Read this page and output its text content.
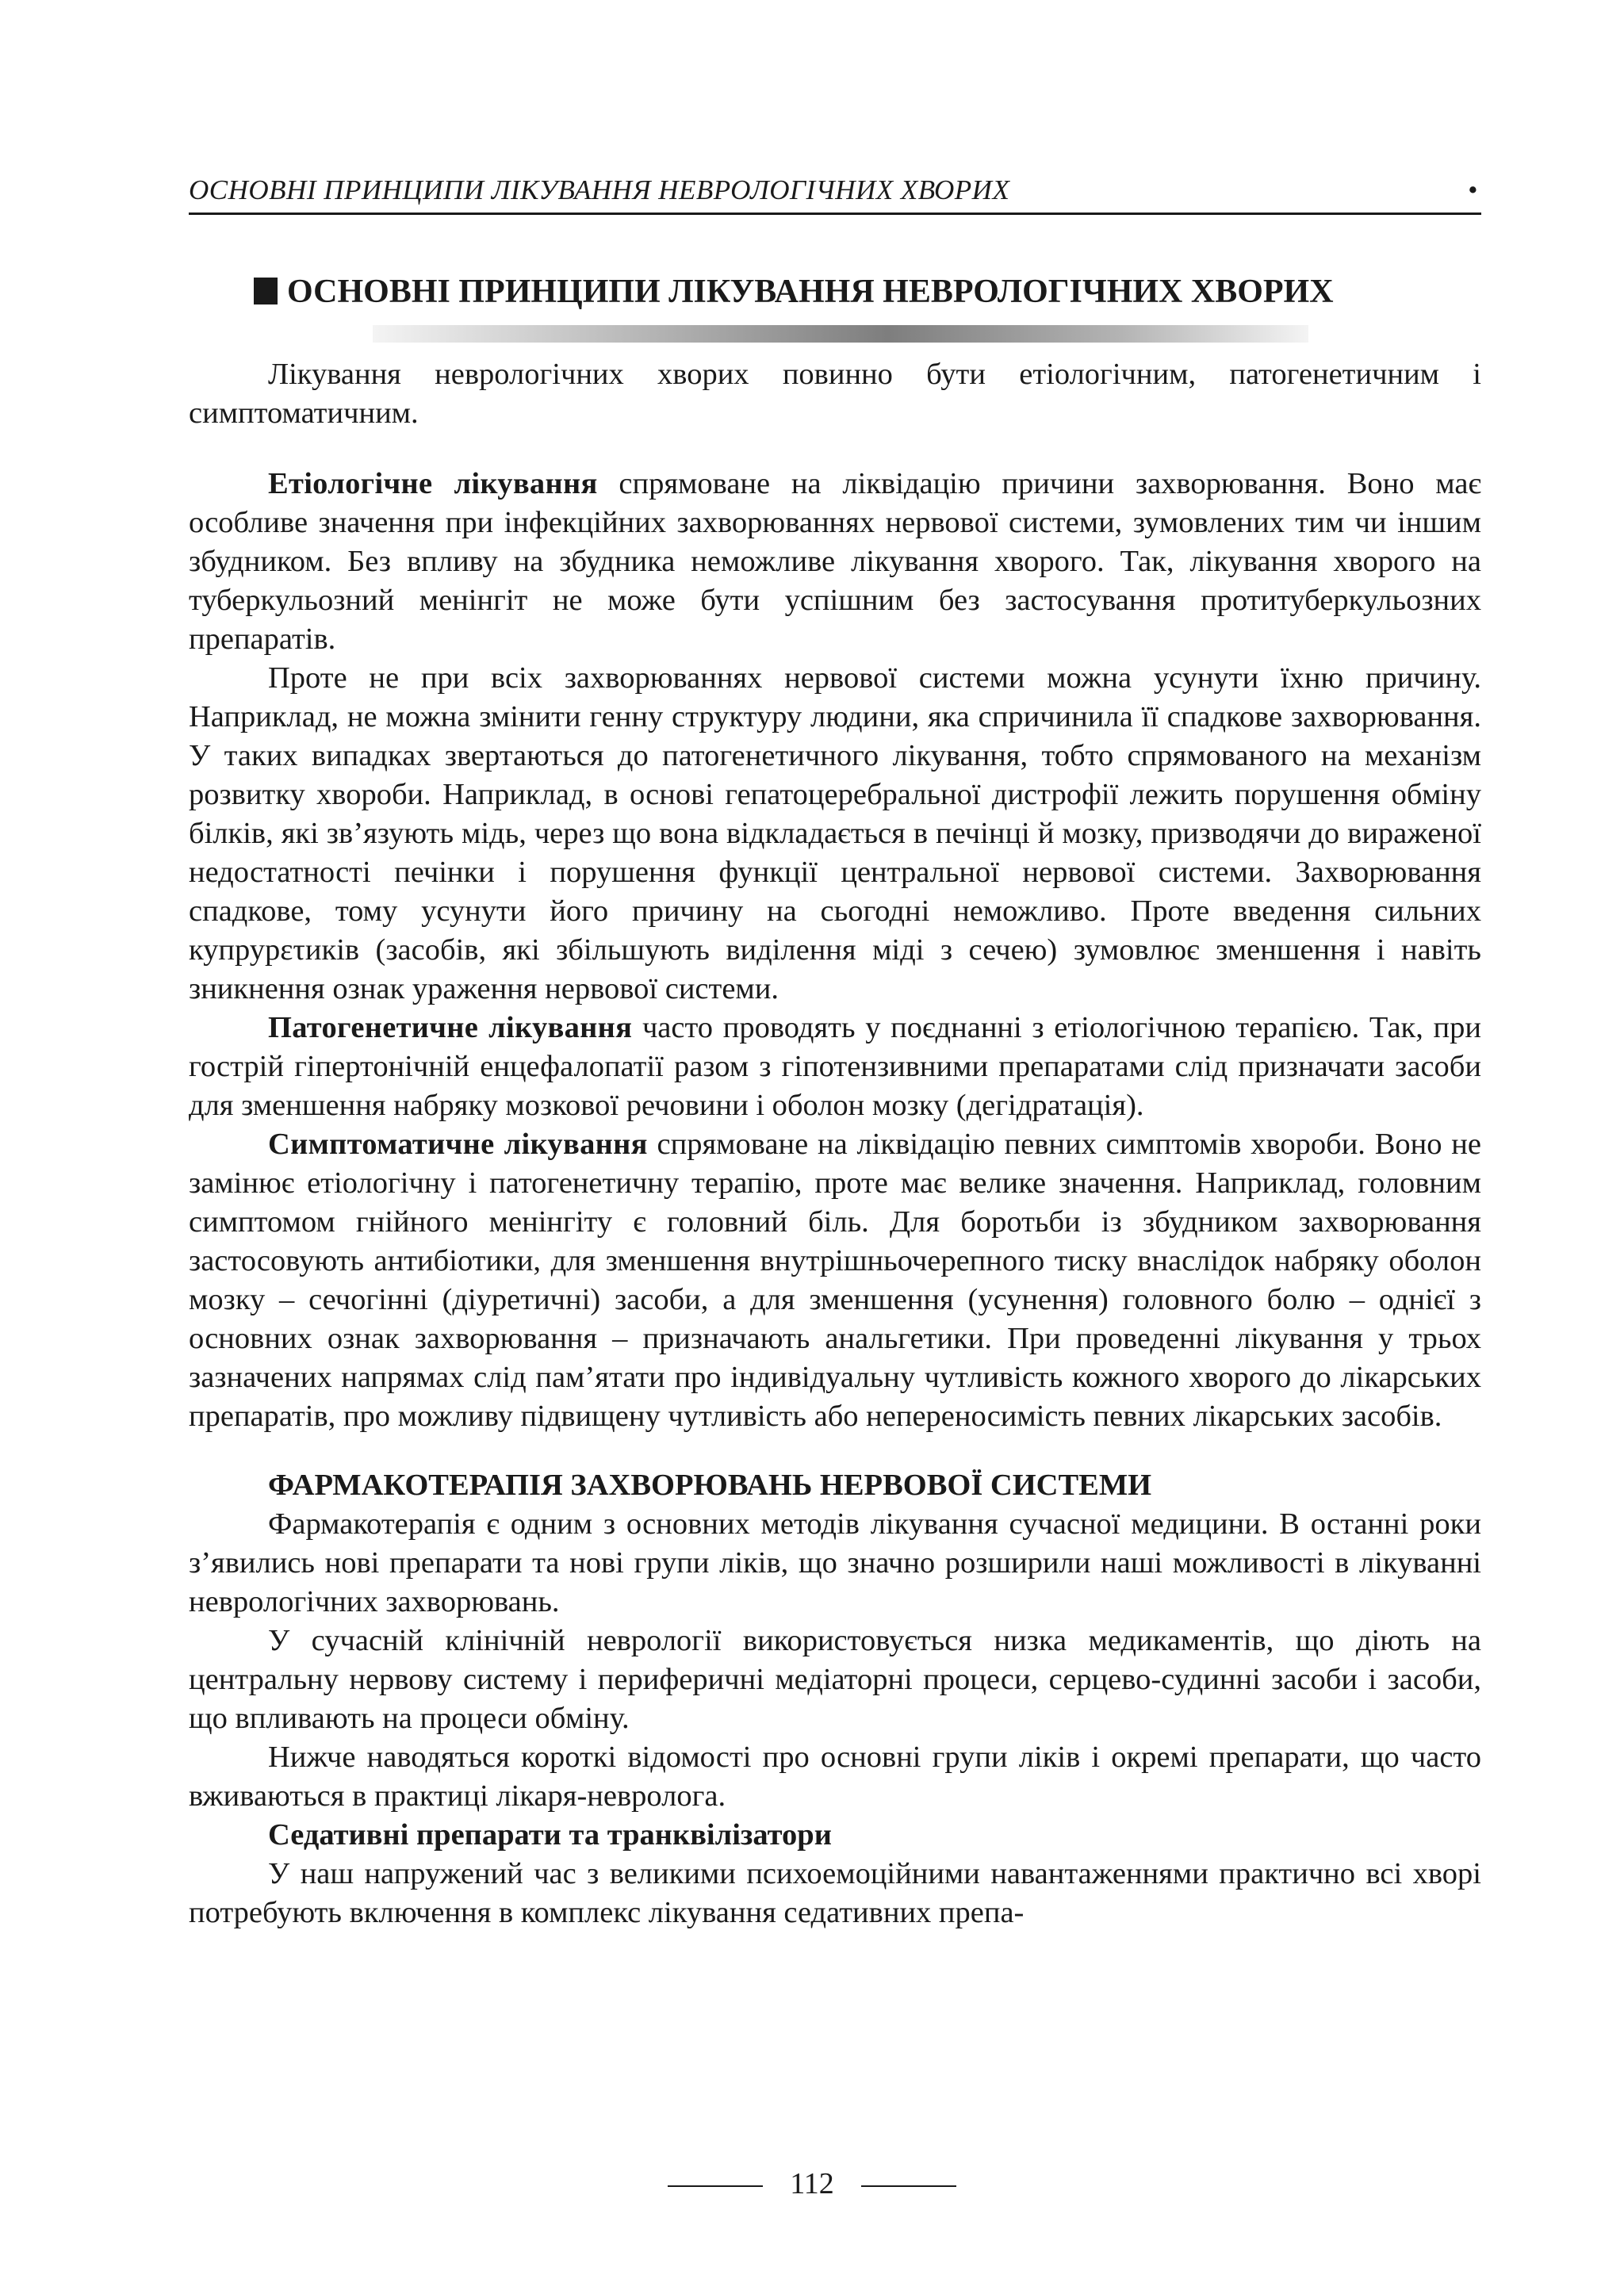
ОСНОВНІ ПРИНЦИПИ ЛІКУВАННЯ НЕВРОЛОГІЧНИХ ХВОРИХ	•
ОСНОВНІ ПРИНЦИПИ ЛІКУВАННЯ НЕВРОЛОГІЧНИХ ХВОРИХ

Лікування неврологічних хворих повинно бути етіологічним, патогенетичним і симптоматичним.

Етіологічне лікування спрямоване на ліквідацію причини захворювання. Воно має особливе значення при інфекційних захворюваннях нервової системи, зумовлених тим чи іншим збудником. Без впливу на збудника неможливе лікування хворого. Так, лікування хворого на туберкульозний менінгіт не може бути успішним без застосування протитуберкульозних препаратів.

Проте не при всіх захворюваннях нервової системи можна усунути їхню причину. Наприклад, не можна змінити генну структуру людини, яка спричинила її спадкове захворювання. У таких випадках звертаються до патогенетичного лікування, тобто спрямованого на механізм розвитку хвороби. Наприклад, в основі гепатоцеребральної дистрофії лежить порушення обміну білків, які зв’язують мідь, через що вона відкладається в печінці й мозку, призводячи до вираженої недостатності печінки і порушення функції центральної нервової системи. Захворювання спадкове, тому усунути його причину на сьогодні неможливо. Проте введення сильних купрурετиків (засобів, які збільшують виділення міді з сечею) зумовлює зменшення і навіть зникнення ознак ураження нервової системи.

Патогенетичне лікування часто проводять у поєднанні з етіологічною терапією. Так, при гострій гіпертонічній енцефалопатії разом з гіпотензивними препаратами слід призначати засоби для зменшення набряку мозкової речовини і оболон мозку (дегідратація).

Симптоматичне лікування спрямоване на ліквідацію певних симптомів хвороби. Воно не замінює етіологічну і патогенетичну терапію, проте має велике значення. Наприклад, головним симптомом гнійного менінгіту є головний біль. Для боротьби із збудником захворювання застосовують антибіотики, для зменшення внутрішньочерепного тиску внаслідок набряку оболон мозку – сечогінні (діуретичні) засоби, а для зменшення (усунення) головного болю – однієї з основних ознак захворювання – призначають анальгетики. При проведенні лікування у трьох зазначених напрямах слід пам’ятати про індивідуальну чутливість кожного хворого до лікарських препаратів, про можливу підвищену чутливість або непереносимість певних лікарських засобів.

ФАРМАКОТЕРАПІЯ ЗАХВОРЮВАНЬ НЕРВОВОЇ СИСТЕМИ

Фармакотерапія є одним з основних методів лікування сучасної медицини. В останні роки з’явились нові препарати та нові групи ліків, що значно розширили наші можливості в лікуванні неврологічних захворювань.

У сучасній клінічній неврології використовується низка медикаментів, що діють на центральну нервову систему і периферичні медіаторні процеси, серцево-судинні засоби і засоби, що впливають на процеси обміну.

Нижче наводяться короткі відомості про основні групи ліків і окремі препарати, що часто вживаються в практиці лікаря-невролога.

Седативні препарати та транквілізатори

У наш напружений час з великими психоемоційними навантаженнями практично всі хворі потребують включення в комплекс лікування седативних препа-

112
